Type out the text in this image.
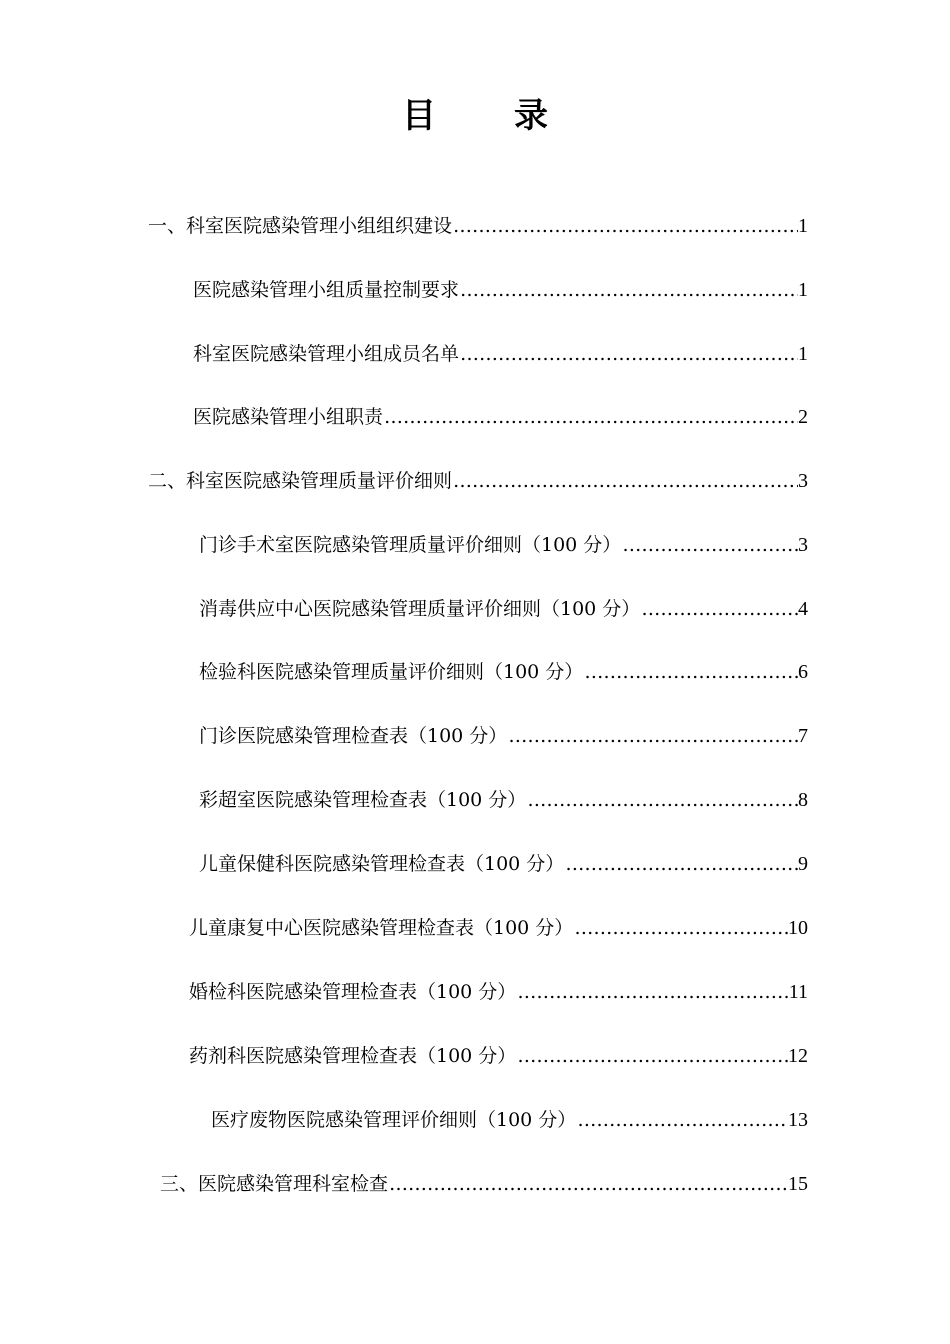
目 录
一、科室医院感染管理小组组织建设 ……………………………………………………………………………………………………………………………………	1
医院感染管理小组质量控制要求 ……………………………………………………………………………………………………………………………………	1
科室医院感染管理小组成员名单 ……………………………………………………………………………………………………………………………………	1
医院感染管理小组职责 ……………………………………………………………………………………………………………………………………	2
二、科室医院感染管理质量评价细则 ……………………………………………………………………………………………………………………………………	3
门诊手术室医院感染管理质量评价细则（100 分） ……………………………………………………………………………………………………………………………………	3
消毒供应中心医院感染管理质量评价细则（100 分） ……………………………………………………………………………………………………………………………………	4
检验科医院感染管理质量评价细则（100 分） ……………………………………………………………………………………………………………………………………	6
门诊医院感染管理检查表（100 分） ……………………………………………………………………………………………………………………………………	7
彩超室医院感染管理检查表（100 分） ……………………………………………………………………………………………………………………………………	8
儿童保健科医院感染管理检查表（100 分） ……………………………………………………………………………………………………………………………………	9
儿童康复中心医院感染管理检查表（100 分） ……………………………………………………………………………………………………………………………………	10
婚检科医院感染管理检查表（100 分） ……………………………………………………………………………………………………………………………………	11
药剂科医院感染管理检查表（100 分） ……………………………………………………………………………………………………………………………………	12
医疗废物医院感染管理评价细则（100 分） ……………………………………………………………………………………………………………………………………	13
三、医院感染管理科室检查 ……………………………………………………………………………………………………………………………………	15
